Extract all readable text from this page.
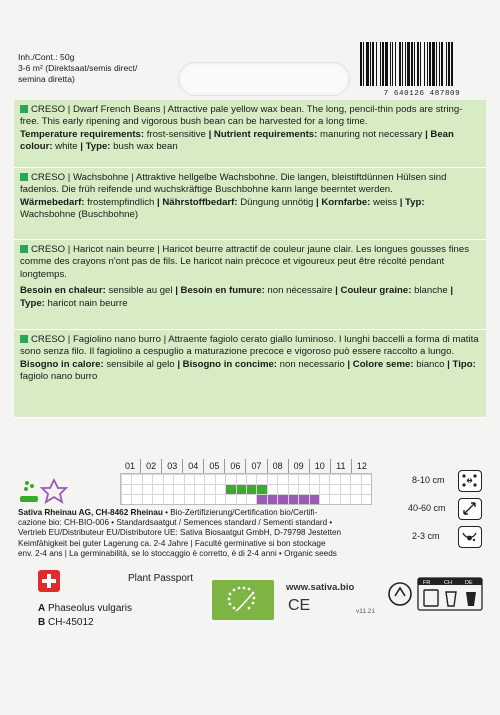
Inh./Cont.: 50g
3-6 m² (Direktsaat/semis direct/
semina diretta)
7 640126 487809

CRESO | Dwarf French Beans | Attractive pale yellow wax bean. The long, pencil-thin pods are string-free. This early ripening and vigorous bush bean can be harvested for a long time.

Temperature requirements: frost-sensitive | Nutrient requirements: manuring not necessary | Bean colour: white | Type: bush wax bean

CRESO | Wachsbohne | Attraktive hellgelbe Wachsbohne. Die langen, bleistiftdünnen Hülsen sind fadenlos. Die früh reifende und wuchskräftige Buschbohne kann lange beerntet werden.

Wärmebedarf: frostempfindlich | Nährstoffbedarf: Düngung unnötig | Kornfarbe: weiss | Typ: Wachsbohne (Buschbohne)

CRESO | Haricot nain beurre | Haricot beurre attractif de couleur jaune clair. Les longues gousses fines comme des crayons n'ont pas de fils. Le haricot nain précoce et vigoureux peut être récolté pendant longtemps.

Besoin en chaleur: sensible au gel | Besoin en fumure: non nécessaire | Couleur graine: blanche | Type: haricot nain beurre

CRESO | Fagiolino nano burro | Attraente fagiolo cerato giallo luminoso. I lunghi baccelli a forma di matita sono senza filo. Il fagiolino a cespuglio a maturazione precoce e vigoroso può essere raccolto a lungo.

Bisogno in calore: sensibile al gelo | Bisogno in concime: non necessario | Colore seme: bianco | Tipo: fagiolo nano burro

01	02	03	04	05	06	07	08	09	10	11	12
8-10 cm
40-60 cm
2-3 cm
Sativa Rheinau AG, CH-8462 Rheinau • Bio-Zertifizierung/Certification bio/Certifi-
cazione bio: CH-BIO-006 • Standardsaatgut / Semences standard / Sementi standard •
Vertrieb EU/Distributeur EU/Distributore UE: Sativa Biosaatgut GmbH, D-79798 Jestetten
Keimfähigkeit bei guter Lagerung ca. 2-4 Jahre | Faculté germinative si bon stockage
env. 2-4 ans | La germinabilità, se lo stoccaggio è corretto, è di 2-4 anni • Organic seeds
Plant Passport
A Phaseolus vulgaris
B CH-45012
www.sativa.bio
CE	v11.21
FR CH DE
